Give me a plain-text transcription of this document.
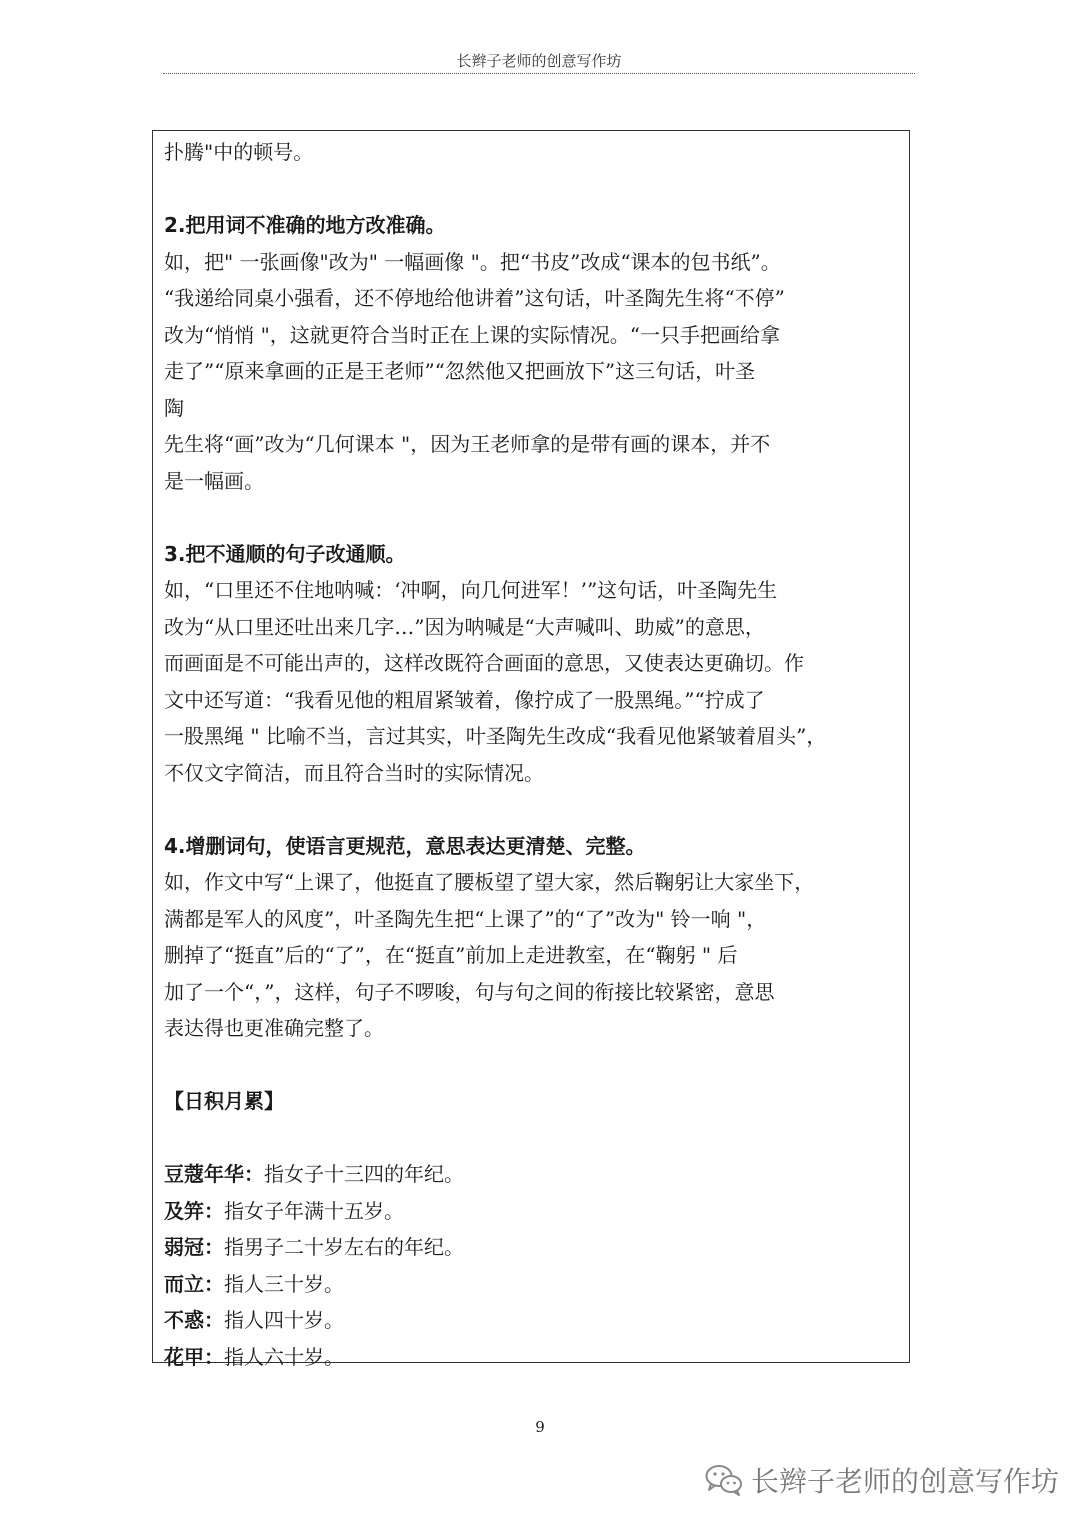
长辫子老师的创意写作坊

扑腾"中的顿号。

2.把用词不准确的地方改准确。

如，把" 一张画像"改为" 一幅画像 "。把“书皮”改成“课本的包书纸”。

“我递给同桌小强看，还不停地给他讲着”这句话，叶圣陶先生将“不停”

改为“悄悄 "，这就更符合当时正在上课的实际情况。“一只手把画给拿

走了”“原来拿画的正是王老师”“忽然他又把画放下”这三句话，叶圣

陶

先生将“画”改为“几何课本 "，因为王老师拿的是带有画的课本，并不

是一幅画。

3.把不通顺的句子改通顺。

如，“口里还不住地呐喊：‘冲啊，向几何进军！’”这句话，叶圣陶先生

改为“从口里还吐出来几字…”因为呐喊是“大声喊叫、助威”的意思，

而画面是不可能出声的，这样改既符合画面的意思，又使表达更确切。作

文中还写道：“我看见他的粗眉紧皱着，像拧成了一股黑绳。”“拧成了

一股黑绳 " 比喻不当，言过其实，叶圣陶先生改成“我看见他紧皱着眉头”，

不仅文字简洁，而且符合当时的实际情况。

4.增删词句，使语言更规范，意思表达更清楚、完整。

如，作文中写“上课了，他挺直了腰板望了望大家，然后鞠躬让大家坐下，

满都是军人的风度”，叶圣陶先生把“上课了”的“了”改为" 铃一响 "，

删掉了“挺直”后的“了”，在“挺直”前加上走进教室，在“鞠躬 " 后

加了一个“，”，这样，句子不啰唆，句与句之间的衔接比较紧密，意思

表达得也更准确完整了。

【日积月累】

豆蔻年华：指女子十三四的年纪。

及笄：指女子年满十五岁。

弱冠：指男子二十岁左右的年纪。

而立：指人三十岁。

不惑：指人四十岁。

花甲：指人六十岁。

9
长辫子老师的创意写作坊
